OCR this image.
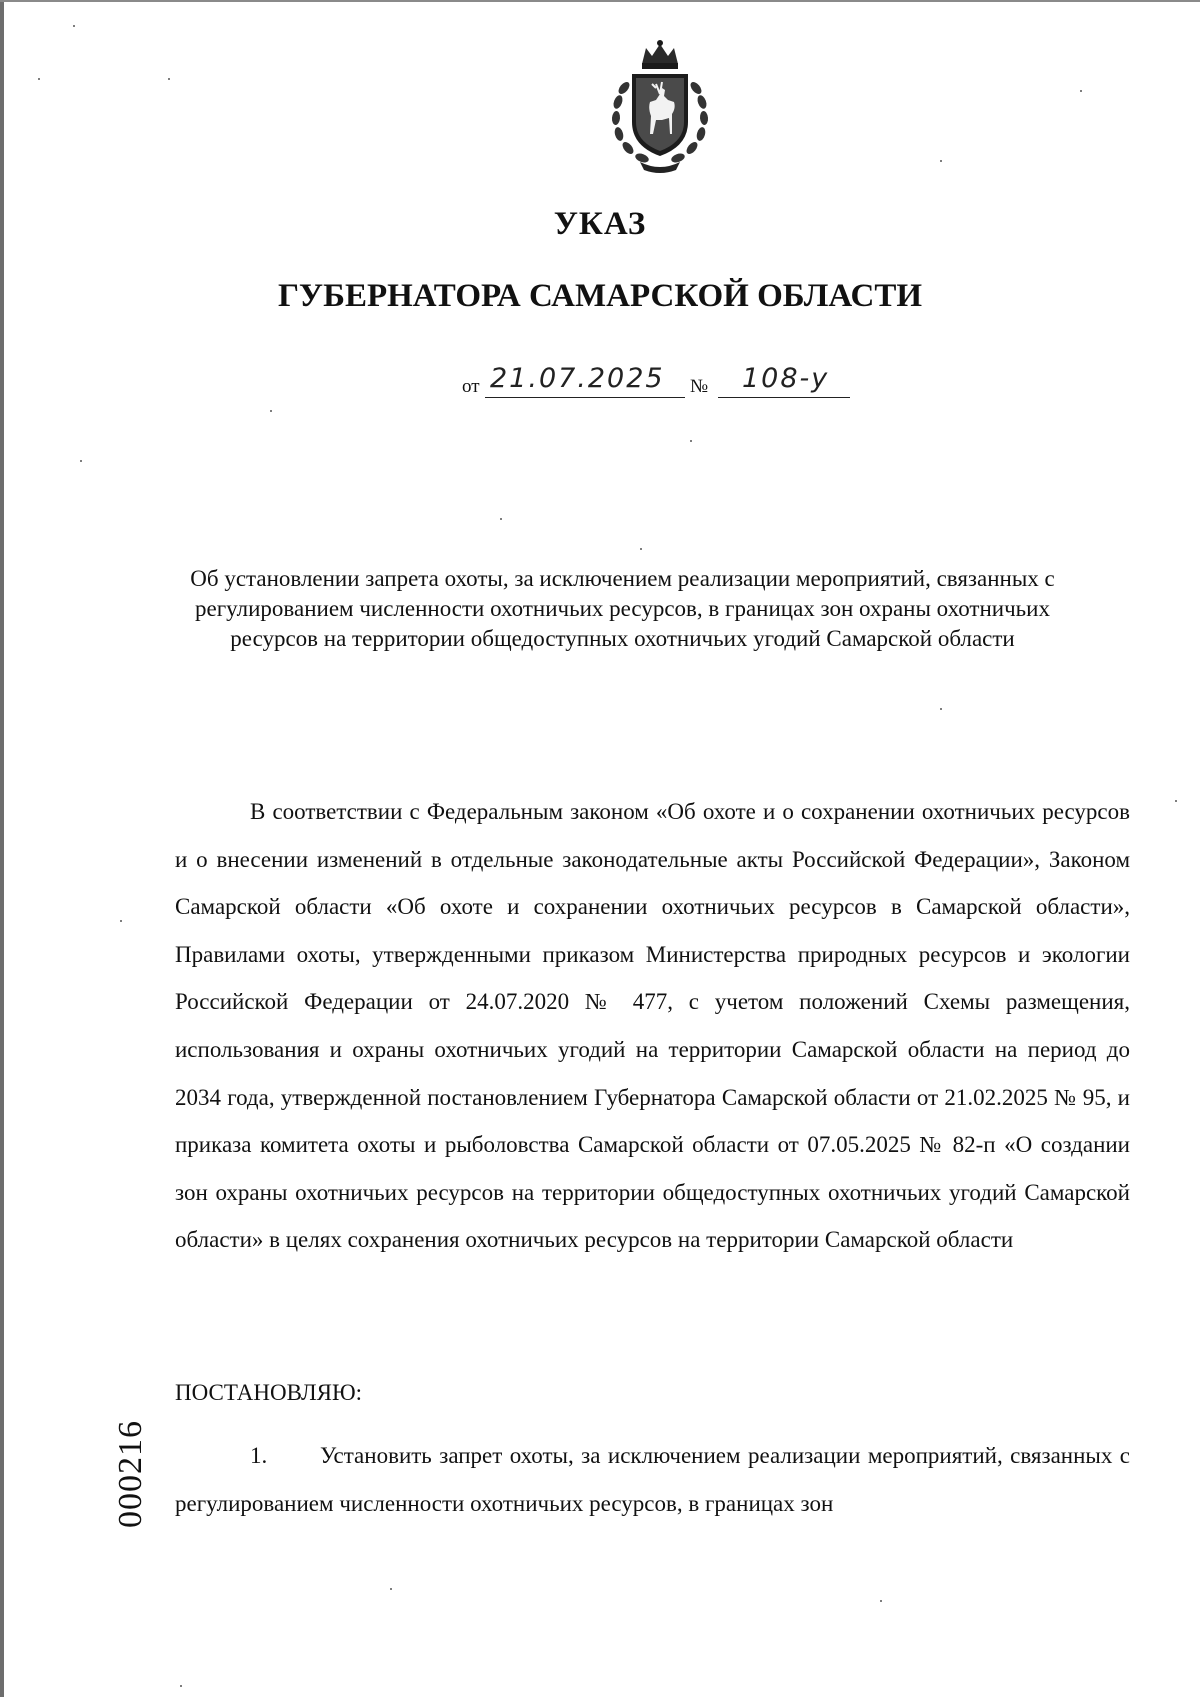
УКАЗ
ГУБЕРНАТОРА САМАРСКОЙ ОБЛАСТИ
от 21.07.2025 № 108-у
Об установлении запрета охоты, за исключением реализации мероприятий, связанных с регулированием численности охотничьих ресурсов, в границах зон охраны охотничьих ресурсов на территории общедоступных охотничьих угодий Самарской области
В соответствии с Федеральным законом «Об охоте и о сохранении охотничьих ресурсов и о внесении изменений в отдельные законодательные акты Российской Федерации», Законом Самарской области «Об охоте и сохранении охотничьих ресурсов в Самарской области», Правилами охоты, утвержденными приказом Министерства природных ресурсов и экологии Российской Федерации от 24.07.2020 № 477, с учетом положений Схемы размещения, использования и охраны охотничьих угодий на территории Самарской области на период до 2034 года, утвержденной постановлением Губернатора Самарской области от 21.02.2025 № 95, и приказа комитета охоты и рыболовства Самарской области от 07.05.2025 № 82-п «О создании зон охраны охотничьих ресурсов на территории общедоступных охотничьих угодий Самарской области» в целях сохранения охотничьих ресурсов на территории Самарской области
ПОСТАНОВЛЯЮ:
1. Установить запрет охоты, за исключением реализации мероприятий, связанных с регулированием численности охотничьих ресурсов, в границах зон
000216
